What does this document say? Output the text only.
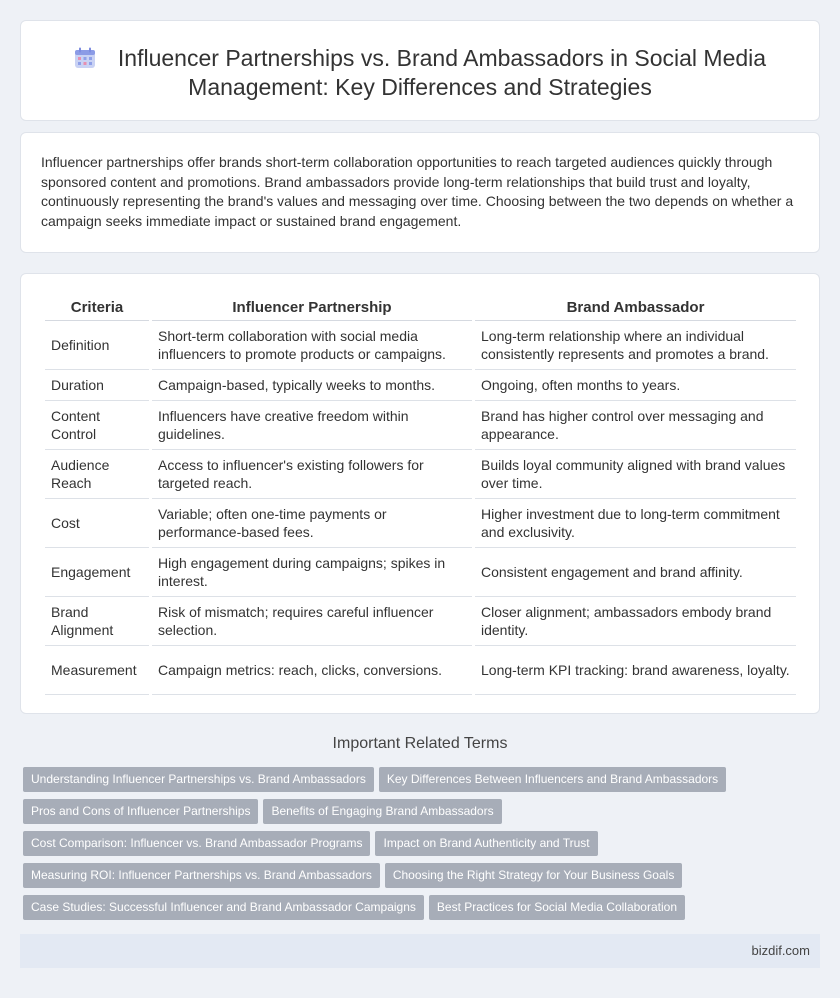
Influencer Partnerships vs. Brand Ambassadors in Social Media Management: Key Differences and Strategies

Influencer partnerships offer brands short-term collaboration opportunities to reach targeted audiences quickly through sponsored content and promotions. Brand ambassadors provide long-term relationships that build trust and loyalty, continuously representing the brand's values and messaging over time. Choosing between the two depends on whether a campaign seeks immediate impact or sustained brand engagement.

Criteria	Influencer Partnership	Brand Ambassador
Definition	Short-term collaboration with social media influencers to promote products or campaigns.	Long-term relationship where an individual consistently represents and promotes a brand.
Duration	Campaign-based, typically weeks to months.	Ongoing, often months to years.
Content Control	Influencers have creative freedom within guidelines.	Brand has higher control over messaging and appearance.
Audience Reach	Access to influencer's existing followers for targeted reach.	Builds loyal community aligned with brand values over time.
Cost	Variable; often one-time payments or performance-based fees.	Higher investment due to long-term commitment and exclusivity.
Engagement	High engagement during campaigns; spikes in interest.	Consistent engagement and brand affinity.
Brand Alignment	Risk of mismatch; requires careful influencer selection.	Closer alignment; ambassadors embody brand identity.
Measurement	Campaign metrics: reach, clicks, conversions.	Long-term KPI tracking: brand awareness, loyalty.
Important Related Terms
Understanding Influencer Partnerships vs. Brand Ambassadors Key Differences Between Influencers and Brand Ambassadors
Pros and Cons of Influencer Partnerships Benefits of Engaging Brand Ambassadors
Cost Comparison: Influencer vs. Brand Ambassador Programs Impact on Brand Authenticity and Trust
Measuring ROI: Influencer Partnerships vs. Brand Ambassadors Choosing the Right Strategy for Your Business Goals
Case Studies: Successful Influencer and Brand Ambassador Campaigns Best Practices for Social Media Collaboration
bizdif.com
